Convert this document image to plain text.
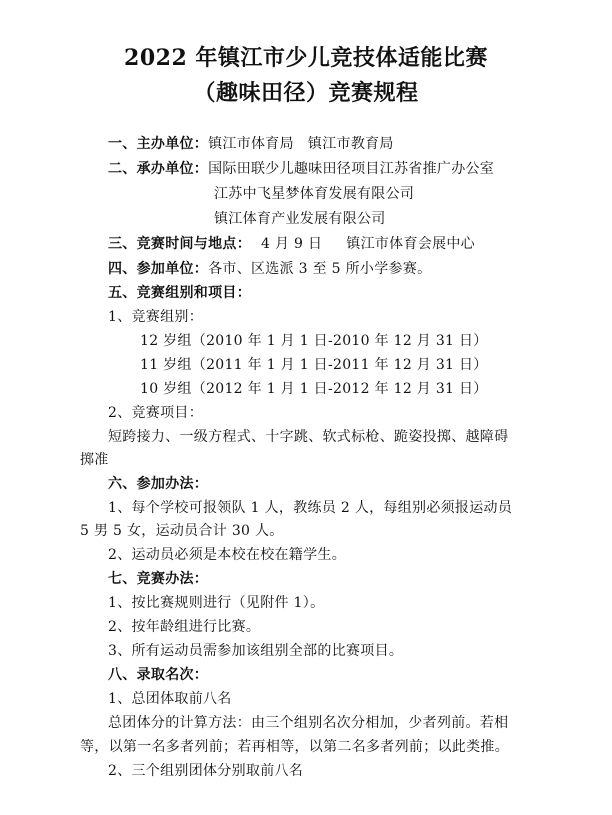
2022 年镇江市少儿竞技体适能比赛
（趣味田径）竞赛规程
一、主办单位：镇江市体育局 镇江市教育局
二、承办单位：国际田联少儿趣味田径项目江苏省推广办公室
江苏中飞星梦体育发展有限公司
镇江体育产业发展有限公司
三、竞赛时间与地点： 4 月 9 日 镇江市体育会展中心
四、参加单位：各市、区选派 3 至 5 所小学参赛。
五、竞赛组别和项目：
1、竞赛组别：
12 岁组（2010 年 1 月 1 日-2010 年 12 月 31 日）
11 岁组（2011 年 1 月 1 日-2011 年 12 月 31 日）
10 岁组（2012 年 1 月 1 日-2012 年 12 月 31 日）
2、竞赛项目：
短跨接力、一级方程式、十字跳、软式标枪、跪姿投掷、越障碍
掷准
六、参加办法：
1、每个学校可报领队 1 人，教练员 2 人，每组别必须报运动员
5 男 5 女，运动员合计 30 人。
2、运动员必须是本校在校在籍学生。
七、竞赛办法：
1、按比赛规则进行（见附件 1）。
2、按年龄组进行比赛。
3、所有运动员需参加该组别全部的比赛项目。
八、录取名次：
1、总团体取前八名
总团体分的计算方法：由三个组别名次分相加，少者列前。若相
等，以第一名多者列前；若再相等，以第二名多者列前；以此类推。
2、三个组别团体分别取前八名
